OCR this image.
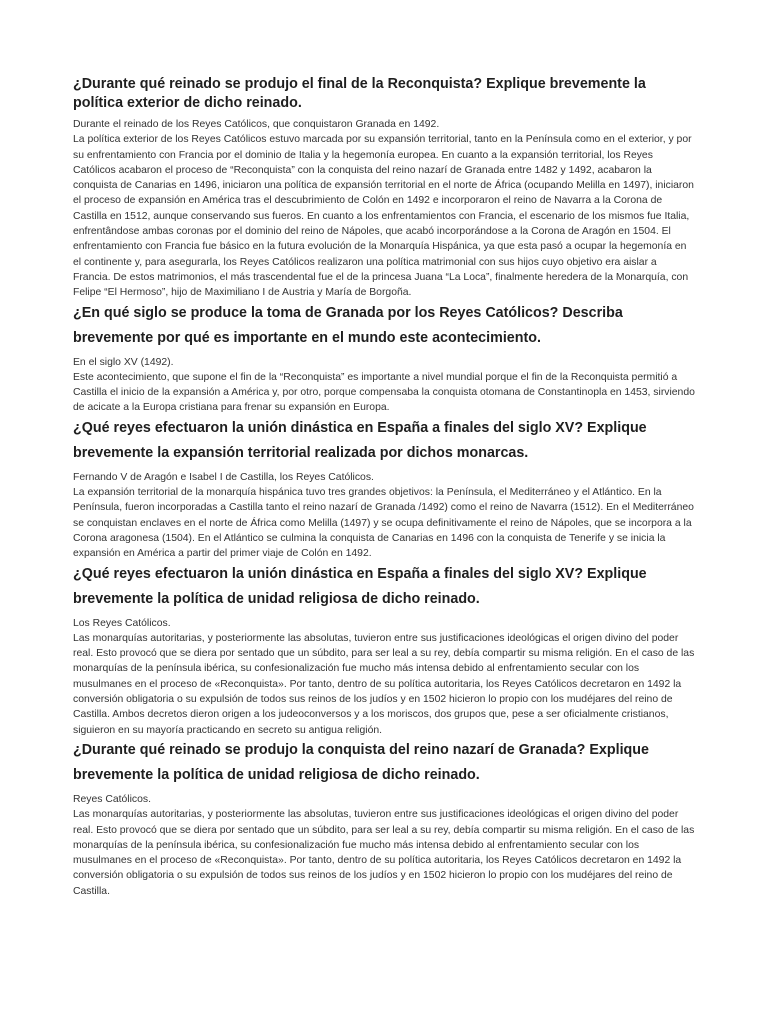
¿Durante qué reinado se produjo el final de la Reconquista? Explique brevemente la política exterior de dicho reinado.

Durante el reinado de los Reyes Católicos, que conquistaron Granada en 1492.

La política exterior de los Reyes Católicos estuvo marcada por su expansión territorial, tanto en la Península como en el exterior, y por su enfrentamiento con Francia por el dominio de Italia y la hegemonía europea. En cuanto a la expansión territorial, los Reyes Católicos acabaron el proceso de “Reconquista” con la conquista del reino nazarí de Granada entre 1482 y 1492, acabaron la conquista de Canarias en 1496, iniciaron una política de expansión territorial en el norte de África (ocupando Melilla en 1497), iniciaron el proceso de expansión en América tras el descubrimiento de Colón en 1492 e incorporaron el reino de Navarra a la Corona de Castilla en 1512, aunque conservando sus fueros. En cuanto a los enfrentamientos con Francia, el escenario de los mismos fue Italia, enfrentândose ambas coronas por el dominio del reino de Nápoles, que acabó incorporándose a la Corona de Aragón en 1504. El enfrentamiento con Francia fue básico en la futura evolución de la Monarquía Hispánica, ya que esta pasó a ocupar la hegemonía en el continente y, para asegurarla, los Reyes Católicos realizaron una política matrimonial con sus hijos cuyo objetivo era aislar a Francia. De estos matrimonios, el más trascendental fue el de la princesa Juana “La Loca”, finalmente heredera de la Monarquía, con Felipe “El Hermoso”, hijo de Maximiliano I de Austria y María de Borgoña.

¿En qué siglo se produce la toma de Granada por los Reyes Católicos? Describa brevemente por qué es importante en el mundo este acontecimiento.

En el siglo XV (1492).

Este acontecimiento, que supone el fin de la “Reconquista” es importante a nivel mundial porque el fin de la Reconquista permitió a Castilla el inicio de la expansión a América y, por otro, porque compensaba la conquista otomana de Constantinopla en 1453, sirviendo de acicate a la Europa cristiana para frenar su expansión en Europa.

¿Qué reyes efectuaron la unión dinástica en España a finales del siglo XV? Explique brevemente la expansión territorial realizada por dichos monarcas.

Fernando V de Aragón e Isabel I de Castilla, los Reyes Católicos.

La expansión territorial de la monarquía hispánica tuvo tres grandes objetivos: la Península, el Mediterráneo y el Atlántico. En la Península, fueron incorporadas a Castilla tanto el reino nazarí de Granada /1492) como el reino de Navarra (1512). En el Mediterráneo se conquistan enclaves en el norte de África como Melilla (1497) y se ocupa definitivamente el reino de Nápoles, que se incorpora a la Corona aragonesa (1504). En el Atlántico se culmina la conquista de Canarias en 1496 con la conquista de Tenerife y se inicia la expansión en América a partir del primer viaje de Colón en 1492.

¿Qué reyes efectuaron la unión dinástica en España a finales del siglo XV? Explique brevemente la política de unidad religiosa de dicho reinado.

Los Reyes Católicos.

Las monarquías autoritarias, y posteriormente las absolutas, tuvieron entre sus justificaciones ideológicas el origen divino del poder real. Esto provocó que se diera por sentado que un súbdito, para ser leal a su rey, debía compartir su misma religión. En el caso de las monarquías de la península ibérica, su confesionalización fue mucho más intensa debido al enfrentamiento secular con los musulmanes en el proceso de «Reconquista». Por tanto, dentro de su política autoritaria, los Reyes Católicos decretaron en 1492 la conversión obligatoria o su expulsión de todos sus reinos de los judíos y en 1502 hicieron lo propio con los mudéjares del reino de Castilla. Ambos decretos dieron origen a los judeoconversos y a los moriscos, dos grupos que, pese a ser oficialmente cristianos, siguieron en su mayoría practicando en secreto su antigua religión.

¿Durante qué reinado se produjo la conquista del reino nazarí de Granada? Explique brevemente la política de unidad religiosa de dicho reinado.

Reyes Católicos.

Las monarquías autoritarias, y posteriormente las absolutas, tuvieron entre sus justificaciones ideológicas el origen divino del poder real. Esto provocó que se diera por sentado que un súbdito, para ser leal a su rey, debía compartir su misma religión. En el caso de las monarquías de la península ibérica, su confesionalización fue mucho más intensa debido al enfrentamiento secular con los musulmanes en el proceso de «Reconquista». Por tanto, dentro de su política autoritaria, los Reyes Católicos decretaron en 1492 la conversión obligatoria o su expulsión de todos sus reinos de los judíos y en 1502 hicieron lo propio con los mudéjares del reino de Castilla.
